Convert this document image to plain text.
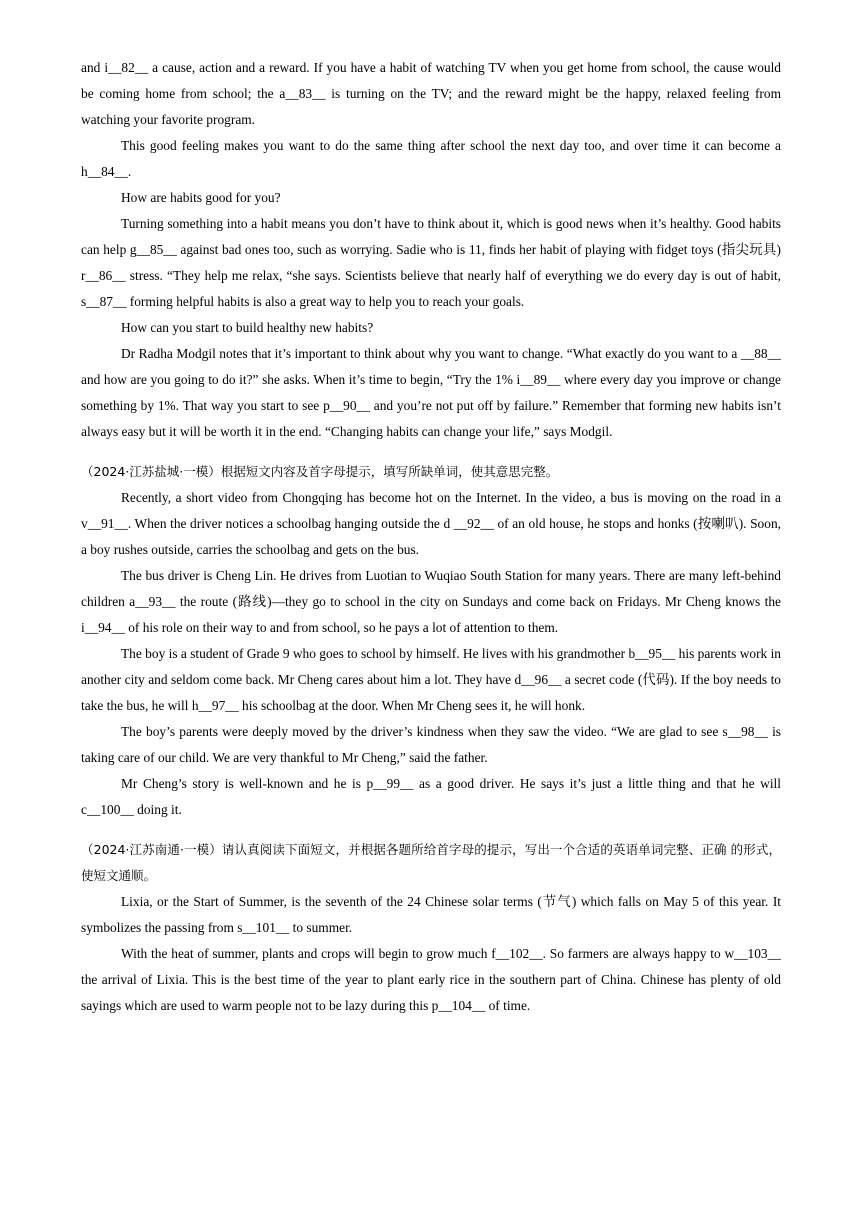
and i__82__ a cause, action and a reward. If you have a habit of watching TV when you get home from school, the cause would be coming home from school; the a__83__ is turning on the TV; and the reward might be the happy, relaxed feeling from watching your favorite program.

This good feeling makes you want to do the same thing after school the next day too, and over time it can become a h__84__.

How are habits good for you?

Turning something into a habit means you don’t have to think about it, which is good news when it’s healthy. Good habits can help g__85__ against bad ones too, such as worrying. Sadie who is 11, finds her habit of playing with fidget toys (指尖玩具) r__86__ stress. “They help me relax, “she says. Scientists believe that nearly half of everything we do every day is out of habit, s__87__ forming helpful habits is also a great way to help you to reach your goals.

How can you start to build healthy new habits?

Dr Radha Modgil notes that it’s important to think about why you want to change. “What exactly do you want to a __88__ and how are you going to do it?” she asks. When it’s time to begin, “Try the 1% i__89__ where every day you improve or change something by 1%. That way you start to see p__90__ and you’re not put off by failure.” Remember that forming new habits isn’t always easy but it will be worth it in the end. “Changing habits can change your life,” says Modgil.

（2024·江苏盐城·一模）根据短文内容及首字母提示，填写所缺单词，使其意思完整。

Recently, a short video from Chongqing has become hot on the Internet. In the video, a bus is moving on the road in a v__91__. When the driver notices a schoolbag hanging outside the d __92__ of an old house, he stops and honks (按喇叭). Soon, a boy rushes outside, carries the schoolbag and gets on the bus.

The bus driver is Cheng Lin. He drives from Luotian to Wuqiao South Station for many years. There are many left-behind children a__93__ the route (路线)—they go to school in the city on Sundays and come back on Fridays. Mr Cheng knows the i__94__ of his role on their way to and from school, so he pays a lot of attention to them.

The boy is a student of Grade 9 who goes to school by himself. He lives with his grandmother b__95__ his parents work in another city and seldom come back. Mr Cheng cares about him a lot. They have d__96__ a secret code (代码). If the boy needs to take the bus, he will h__97__ his schoolbag at the door. When Mr Cheng sees it, he will honk.

The boy’s parents were deeply moved by the driver’s kindness when they saw the video. “We are glad to see s__98__ is taking care of our child. We are very thankful to Mr Cheng,” said the father.

Mr Cheng’s story is well-known and he is p__99__ as a good driver. He says it’s just a little thing and that he will c__100__ doing it.

（2024·江苏南通·一模）请认真阅读下面短文，并根据各题所给首字母的提示，写出一个合适的英语单词完整、正确 的形式，使短文通顺。

Lixia, or the Start of Summer, is the seventh of the 24 Chinese solar terms (节气) which falls on May 5 of this year. It symbolizes the passing from s__101__ to summer.

With the heat of summer, plants and crops will begin to grow much f__102__. So farmers are always happy to w__103__ the arrival of Lixia. This is the best time of the year to plant early rice in the southern part of China. Chinese has plenty of old sayings which are used to warm people not to be lazy during this p__104__ of time.
